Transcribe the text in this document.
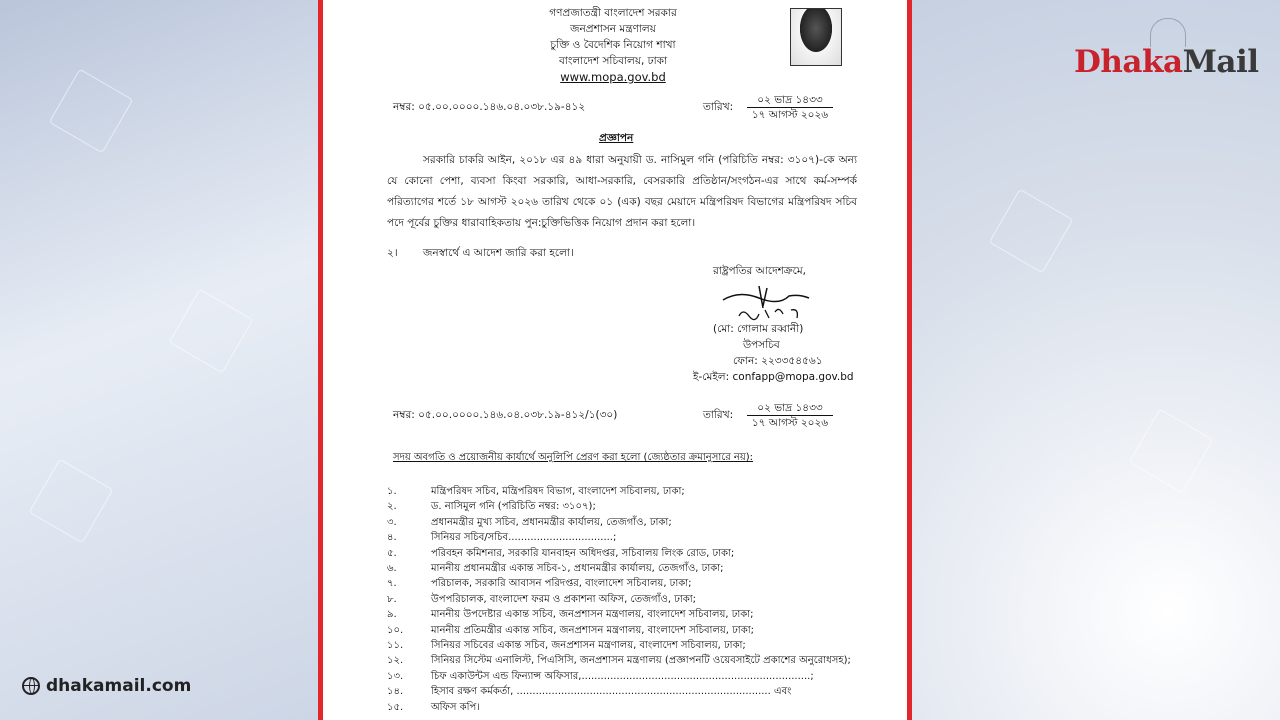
DhakaMail
dhakamail.com
গণপ্রজাতন্ত্রী বাংলাদেশ সরকার
জনপ্রশাসন মন্ত্রণালয়
চুক্তি ও বৈদেশিক নিয়োগ শাখা
বাংলাদেশ সচিবালয়, ঢাকা
www.mopa.gov.bd
নম্বর: ০৫.০০.০০০০.১৪৬.০৪.০৩৮.১৯-৪১২	তারিখ:
০২ ভাদ্র ১৪৩৩
১৭ আগস্ট ২০২৬
প্রজ্ঞাপন
সরকারি চাকরি আইন, ২০১৮ এর ৪৯ ধারা অনুযায়ী ড. নাসিমুল গনি (পরিচিতি নম্বর: ৩১০৭)-কে অন্য যে কোনো পেশা, ব্যবসা কিংবা সরকারি, আধা-সরকারি, বেসরকারি প্রতিষ্ঠান/সংগঠন-এর সাথে কর্ম-সম্পর্ক পরিত্যাগের শর্তে ১৮ আগস্ট ২০২৬ তারিখ থেকে ০১ (এক) বছর মেয়াদে মন্ত্রিপরিষদ বিভাগের মন্ত্রিপরিষদ সচিব পদে পূর্বের চুক্তির ধারাবাহিকতায় পুন:চুক্তিভিত্তিক নিয়োগ প্রদান করা হলো।
২। জনস্বার্থে এ আদেশ জারি করা হলো।
রাষ্ট্রপতির আদেশক্রমে,
(মো: গোলাম রব্বানী)
উপসচিব
ফোন: ২২৩৩৫৪৫৬১
ই-মেইল: confapp@mopa.gov.bd
নম্বর: ০৫.০০.০০০০.১৪৬.০৪.০৩৮.১৯-৪১২/১(৩০)	তারিখ:
০২ ভাদ্র ১৪৩৩
১৭ আগস্ট ২০২৬
সদয় অবগতি ও প্রয়োজনীয় কার্যার্থে অনুলিপি প্রেরণ করা হলো (জ্যেষ্ঠতার ক্রমানুসারে নয়):
১.	মন্ত্রিপরিষদ সচিব, মন্ত্রিপরিষদ বিভাগ, বাংলাদেশ সচিবালয়, ঢাকা;
২.	ড. নাসিমুল গনি (পরিচিতি নম্বর: ৩১০৭);
৩.	প্রধানমন্ত্রীর মুখ্য সচিব, প্রধানমন্ত্রীর কার্যালয়, তেজগাঁও, ঢাকা;
৪.	সিনিয়র সচিব/সচিব.................................;
৫.	পরিবহন কমিশনার, সরকারি যানবাহন অধিদপ্তর, সচিবালয় লিংক রোড, ঢাকা;
৬.	মাননীয় প্রধানমন্ত্রীর একান্ত সচিব-১, প্রধানমন্ত্রীর কার্যালয়, তেজগাঁও, ঢাকা;
৭.	পরিচালক, সরকারি আবাসন পরিদপ্তর, বাংলাদেশ সচিবালয়, ঢাকা;
৮.	উপপরিচালক, বাংলাদেশ ফরম ও প্রকাশনা অফিস, তেজগাঁও, ঢাকা;
৯.	মাননীয় উপদেষ্টার একান্ত সচিব, জনপ্রশাসন মন্ত্রণালয়, বাংলাদেশ সচিবালয়, ঢাকা;
১০.	মাননীয় প্রতিমন্ত্রীর একান্ত সচিব, জনপ্রশাসন মন্ত্রণালয়, বাংলাদেশ সচিবালয়, ঢাকা;
১১.	সিনিয়র সচিবের একান্ত সচিব, জনপ্রশাসন মন্ত্রণালয়, বাংলাদেশ সচিবালয়, ঢাকা;
১২.	সিনিয়র সিস্টেম এনালিস্ট, পিএসিসি, জনপ্রশাসন মন্ত্রণালয় (প্রজ্ঞাপনটি ওয়েবসাইটে প্রকাশের অনুরোধসহ);
১৩.	চিফ একাউন্টস এন্ড ফিন্যান্স অফিসার,........................................................................;
১৪.	হিসাব রক্ষণ কর্মকর্তা, ................................................................................ এবং
১৫.	অফিস কপি।
